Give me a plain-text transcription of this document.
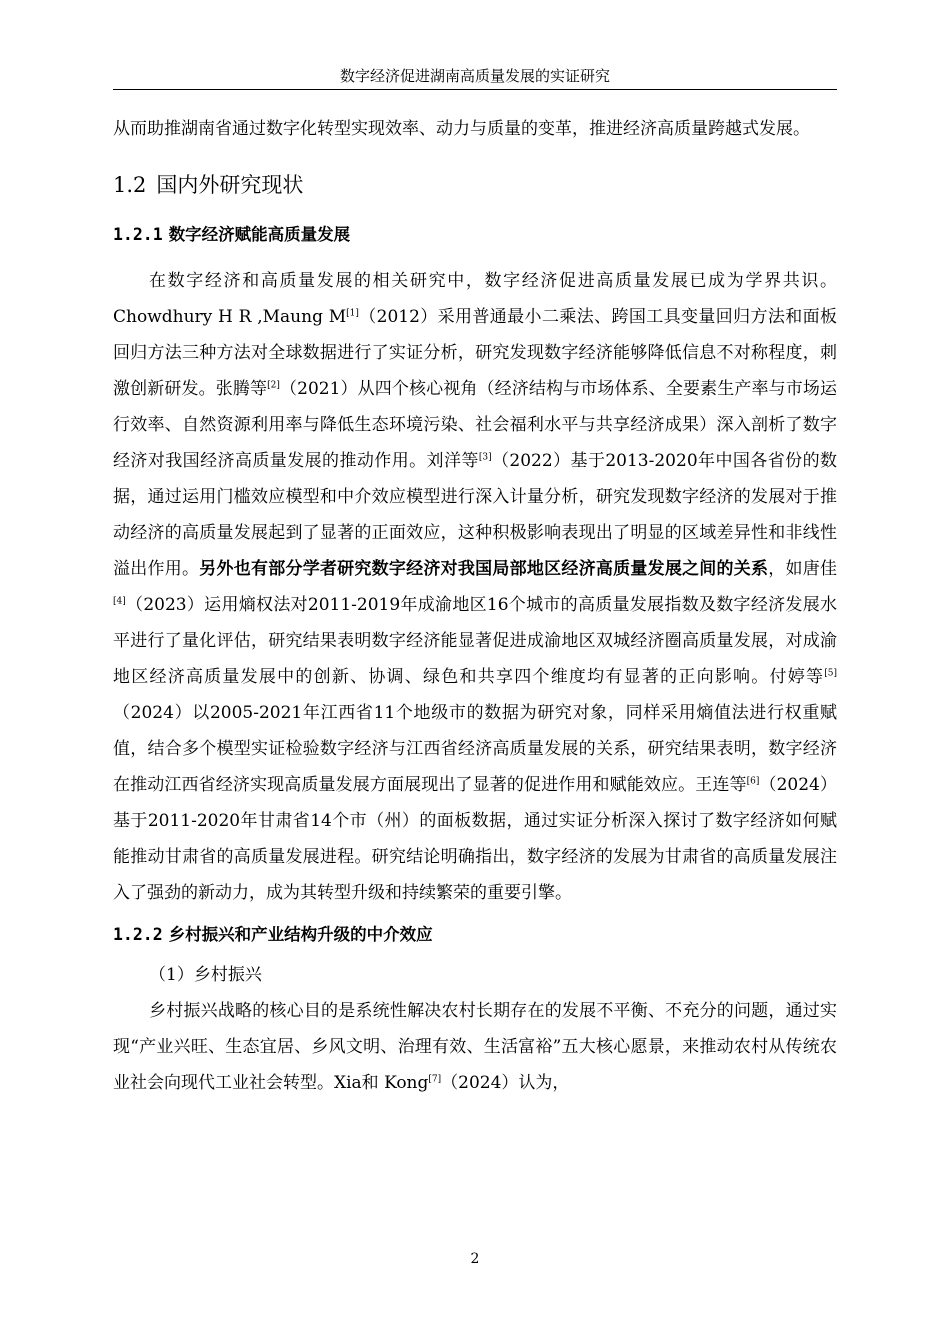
数字经济促进湖南高质量发展的实证研究

从而助推湖南省通过数字化转型实现效率、动力与质量的变革，推进经济高质量跨越式发展。

1.2 国内外研究现状
1.2.1 数字经济赋能高质量发展

在数字经济和高质量发展的相关研究中，数字经济促进高质量发展已成为学界共识。Chowdhury H R ,Maung M[1]（2012）采用普通最小二乘法、跨国工具变量回归方法和面板回归方法三种方法对全球数据进行了实证分析，研究发现数字经济能够降低信息不对称程度，刺激创新研发。张腾等[2]（2021）从四个核心视角（经济结构与市场体系、全要素生产率与市场运行效率、自然资源利用率与降低生态环境污染、社会福利水平与共享经济成果）深入剖析了数字经济对我国经济高质量发展的推动作用。刘洋等[3]（2022）基于2013-2020年中国各省份的数据，通过运用门槛效应模型和中介效应模型进行深入计量分析，研究发现数字经济的发展对于推动经济的高质量发展起到了显著的正面效应，这种积极影响表现出了明显的区域差异性和非线性溢出作用。另外也有部分学者研究数字经济对我国局部地区经济高质量发展之间的关系，如唐佳[4]（2023）运用熵权法对2011-2019年成渝地区16个城市的高质量发展指数及数字经济发展水平进行了量化评估，研究结果表明数字经济能显著促进成渝地区双城经济圈高质量发展，对成渝地区经济高质量发展中的创新、协调、绿色和共享四个维度均有显著的正向影响。付婷等[5]（2024）以2005-2021年江西省11个地级市的数据为研究对象，同样采用熵值法进行权重赋值，结合多个模型实证检验数字经济与江西省经济高质量发展的关系，研究结果表明，数字经济在推动江西省经济实现高质量发展方面展现出了显著的促进作用和赋能效应。王连等[6]（2024）基于2011-2020年甘肃省14个市（州）的面板数据，通过实证分析深入探讨了数字经济如何赋能推动甘肃省的高质量发展进程。研究结论明确指出，数字经济的发展为甘肃省的高质量发展注入了强劲的新动力，成为其转型升级和持续繁荣的重要引擎。

1.2.2 乡村振兴和产业结构升级的中介效应

（1）乡村振兴

乡村振兴战略的核心目的是系统性解决农村长期存在的发展不平衡、不充分的问题，通过实现“产业兴旺、生态宜居、乡风文明、治理有效、生活富裕”五大核心愿景，来推动农村从传统农业社会向现代工业社会转型。Xia和 Kong[7]（2024）认为，

2
